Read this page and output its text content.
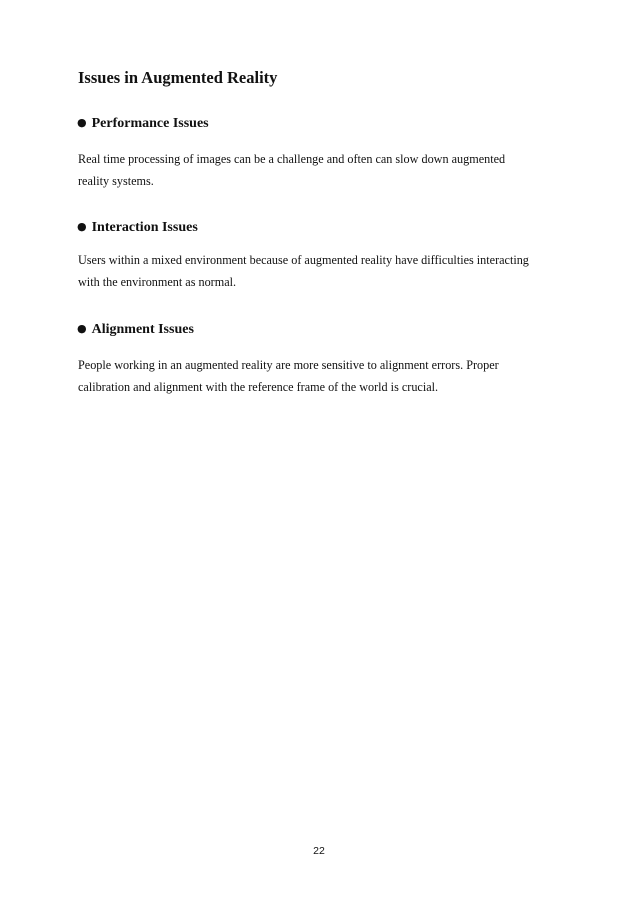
Issues in Augmented Reality
● Performance Issues

Real time processing of images can be a challenge and often can slow down augmented
reality systems.

● Interaction Issues

Users within a mixed environment because of augmented reality have difficulties interacting
with the environment as normal.

● Alignment Issues

People working in an augmented reality are more sensitive to alignment errors. Proper
calibration and alignment with the reference frame of the world is crucial.

22
